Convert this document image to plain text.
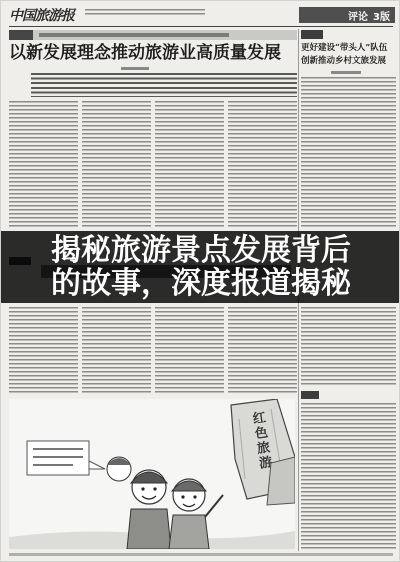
中国旅游报	评论 3版
以新发展理念推动旅游业高质量发展	更好建设“带头人”队伍
创新推动乡村文旅发展
红色旅游
揭秘旅游景点发展背后
的故事，深度报道揭秘
